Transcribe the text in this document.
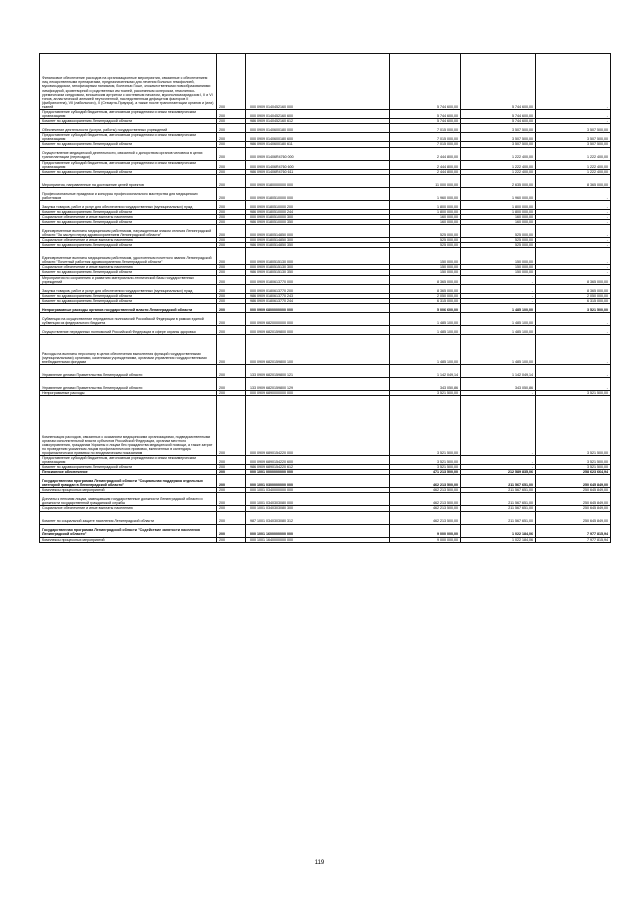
Финансовое обеспечение расходов на организационные мероприятия, связанные с обеспечением лиц лекарственными препаратами, предназначенными для лечения больных гемофилией, муковисцидозом, гипофизарным нанизмом, болезнью Гоше, злокачественными новообразованиями лимфоидной, кроветворной и родственных им тканей, рассеянным склерозом, гемолитико-уремическим синдромом, юношеским артритом с системным началом, мукополисахаридозом I, II и VI типов, апластической анемией неуточненной, наследственным дефицитом факторов II (фибриногена), VII (лабильного), X (Стюарта-Прауэра), а также после трансплантации органов и (или) тканей	200	000 0909 0140452160 000	5 744 600,00	5 744 600,00	-
Предоставление субсидий бюджетным, автономным учреждениям и иным некоммерческим организациям	200	000 0909 0140452160 600	5 744 600,00	5 744 600,00	-
Комитет по здравоохранению Ленинградской области	200	986 0909 0140452160 612	5 744 600,00	5 744 600,00	-
Обеспечение деятельности (услуги, работы) государственных учреждений	200	000 0909 0140600180 000	7 015 000,00	3 507 500,00	3 507 500,00
Предоставление субсидий бюджетным, автономным учреждениям и иным некоммерческим организациям	200	000 0909 0140600180 600	7 015 000,00	3 507 500,00	3 507 500,00
Комитет по здравоохранению Ленинградской области	200	986 0909 0140600180 611	7 015 000,00	3 507 500,00	3 507 500,00
Осуществление медицинской деятельности, связанной с донорством органов человека в целях трансплантации (пересадки)	200	000 0909 01406R4760 000	2 444 800,00	1 222 400,00	1 222 400,00
Предоставление субсидий бюджетным, автономным учреждениям и иным некоммерческим организациям	200	000 0909 01406R4760 600	2 444 800,00	1 222 400,00	1 222 400,00
Комитет по здравоохранению Ленинградской области	200	986 0909 01406R4760 611	2 444 800,00	1 222 400,00	1 222 400,00
Мероприятия, направленные на достижение целей проектов	200	000 0909 0180000000 000	11 000 000,00	2 635 000,00	8 365 000,00
Профессиональные праздники и конкурсы профессионального мастерства для медицинских работников	200	000 0909 0180510000 000	1 960 000,00	1 960 000,00	-
Закупка товаров, работ и услуг для обеспечения государственных (муниципальных) нужд	200	000 0909 0180510000 200	1 800 000,00	1 800 000,00	-
Комитет по здравоохранению Ленинградской области	200	986 0909 0180510000 244	1 800 000,00	1 800 000,00	-
Социальное обеспечение и иные выплаты населению	200	000 0909 0180510000 300	160 000,00	160 000,00	-
Комитет по здравоохранению Ленинградской области	200	986 0909 0180510000 350	160 000,00	160 000,00	-
Единовременные выплаты медицинским работникам, награжденным знаком отличия Ленинградской области "За заслуги перед здравоохранением Ленинградской области"	200	000 0909 0180514850 000	525 000,00	525 000,00	-
Социальное обеспечение и иные выплаты населению	200	000 0909 0180514850 300	525 000,00	525 000,00	-
Комитет по здравоохранению Ленинградской области	200	986 0909 0180514850 350	525 000,00	525 000,00	-
Единовременные выплаты медицинским работникам, удостоенным почетного звания Ленинградской области "Почетный работник здравоохранения Ленинградской области"	200	000 0909 0180515130 000	150 000,00	150 000,00	-
Социальное обеспечение и иные выплаты населению	200	000 0909 0180515130 300	150 000,00	150 000,00	-
Комитет по здравоохранению Ленинградской области	200	986 0909 0180515130 350	150 000,00	150 000,00	-
Мероприятия по сохранению и развитию материально-технической базы государственных учреждений	200	000 0909 0180613770 000	8 365 000,00	-	8 365 000,00
Закупка товаров, работ и услуг для обеспечения государственных (муниципальных) нужд	200	000 0909 0180613770 200	8 365 000,00	-	8 365 000,00
Комитет по здравоохранению Ленинградской области	200	986 0909 0180613770 243	2 050 000,00	-	2 050 000,00
Комитет по здравоохранению Ленинградской области	200	986 0909 0180613770 244	6 315 000,00	-	6 315 000,00
Непрограммные расходы органов государственной власти Ленинградской области	200	000 0909 6800000000 000	5 006 600,00	1 485 100,00	3 521 500,00
Субвенции на осуществление переданных полномочий Российской Федерации в рамках единой субвенции из федерального бюджета	200	000 0909 6820000000 000	1 485 100,00	1 485 100,00	-
Осуществление переданных полномочий Российской Федерации в сфере охраны здоровья	200	000 0909 6820159800 000	1 485 100,00	1 485 100,00	-
Расходы на выплаты персоналу в целях обеспечения выполнения функций государственными (муниципальными) органами, казенными учреждениями, органами управления государственными внебюджетными фондами	200	000 0909 6820159800 100	1 485 100,00	1 485 100,00	-
Управление делами Правительства Ленинградской области	200	133 0909 6820159800 121	1 142 049,14	1 142 049,14	-
Управление делами Правительства Ленинградской области	200	133 0909 6820159800 129	343 050,86	343 050,86	-
Непрограммные расходы	200	000 0909 6890000000 000	3 521 500,00	-	3 521 500,00
Компенсация расходов, связанных с оказанием медицинскими организациями, подведомственными органам исполнительной власти субъектов Российской Федерации, органам местного самоуправления, гражданам Украины и лицам без гражданства медицинской помощи, а также затрат по проведению указанным лицам профилактических прививок, включенных в календарь профилактических прививок по эпидемическим показаниям	200	000 0909 6890154220 000	3 521 500,00	-	3 521 500,00
Предоставление субсидий бюджетным, автономным учреждениям и иным некоммерческим организациям	200	000 0909 6890154220 600	3 521 500,00	-	3 521 500,00
Комитет по здравоохранению Ленинградской области	200	986 0909 6890154220 612	3 521 500,00	-	3 521 500,00
Пенсионное обеспечение	200	000 1001 0000000000 000	471 213 500,00	212 589 835,06	258 623 664,94
Государственная программа Ленинградской области "Социальная поддержка отдельных категорий граждан в Ленинградской области"	200	000 1001 0300000000 000	462 213 500,00	211 567 651,00	250 645 849,00
Комплексы процессных мероприятий	200	000 1001 0340000000 000	462 213 500,00	211 567 651,00	250 645 849,00
Доплаты к пенсиям лицам, замещавшим государственные должности Ленинградской области и должности государственной гражданской службы	200	000 1001 0340303080 000	462 213 500,00	211 567 651,00	250 645 849,00
Социальное обеспечение и иные выплаты населению	200	000 1001 0340303080 300	462 213 500,00	211 567 651,00	250 645 849,00
Комитет по социальной защите населения Ленинградской области	200	987 1001 0340303080 312	462 213 500,00	211 567 651,00	250 645 849,00
Государственная программа Ленинградской области "Содействие занятости населения Ленинградской области"	200	000 1001 1600000000 000	9 000 000,00	1 022 184,06	7 977 815,94
Комплексы процессных мероприятий	200	000 1001 1640000000 000	9 000 000,00	1 022 184,06	7 977 815,94
119
